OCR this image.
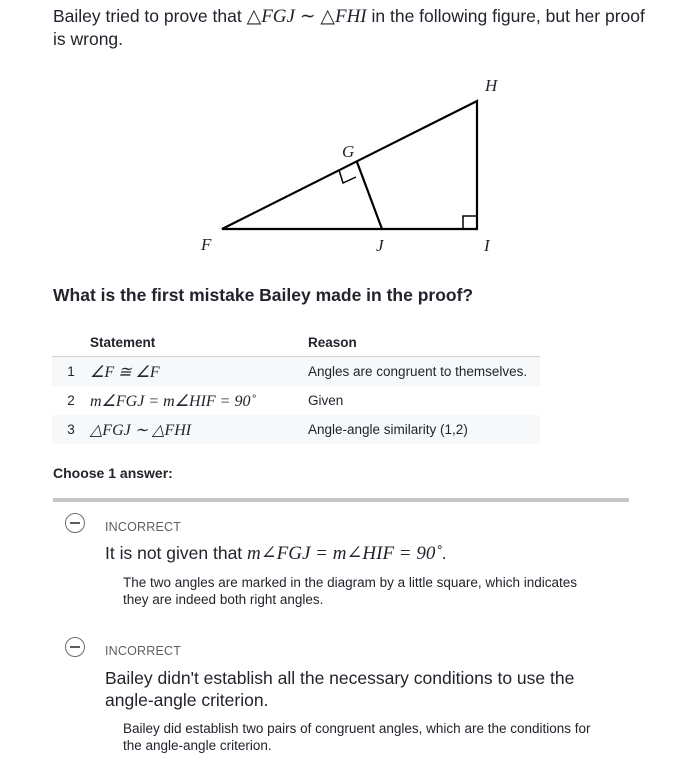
Bailey tried to prove that △FGJ ∼ △FHI in the following figure, but her proof is wrong.
H
G
F	J	I
What is the first mistake Bailey made in the proof?
	Statement	Reason
1	∠F ≅ ∠F	Angles are congruent to themselves.
2	m∠FGJ = m∠HIF = 90˚	Given
3	△FGJ ∼ △FHI	Angle-angle similarity (1,2)
Choose 1 answer:
INCORRECT
It is not given that m∠FGJ = m∠HIF = 90˚.
The two angles are marked in the diagram by a little square, which indicates they are indeed both right angles.
INCORRECT
Bailey didn't establish all the necessary conditions to use the angle-angle criterion.
Bailey did establish two pairs of congruent angles, which are the conditions for the angle-angle criterion.
